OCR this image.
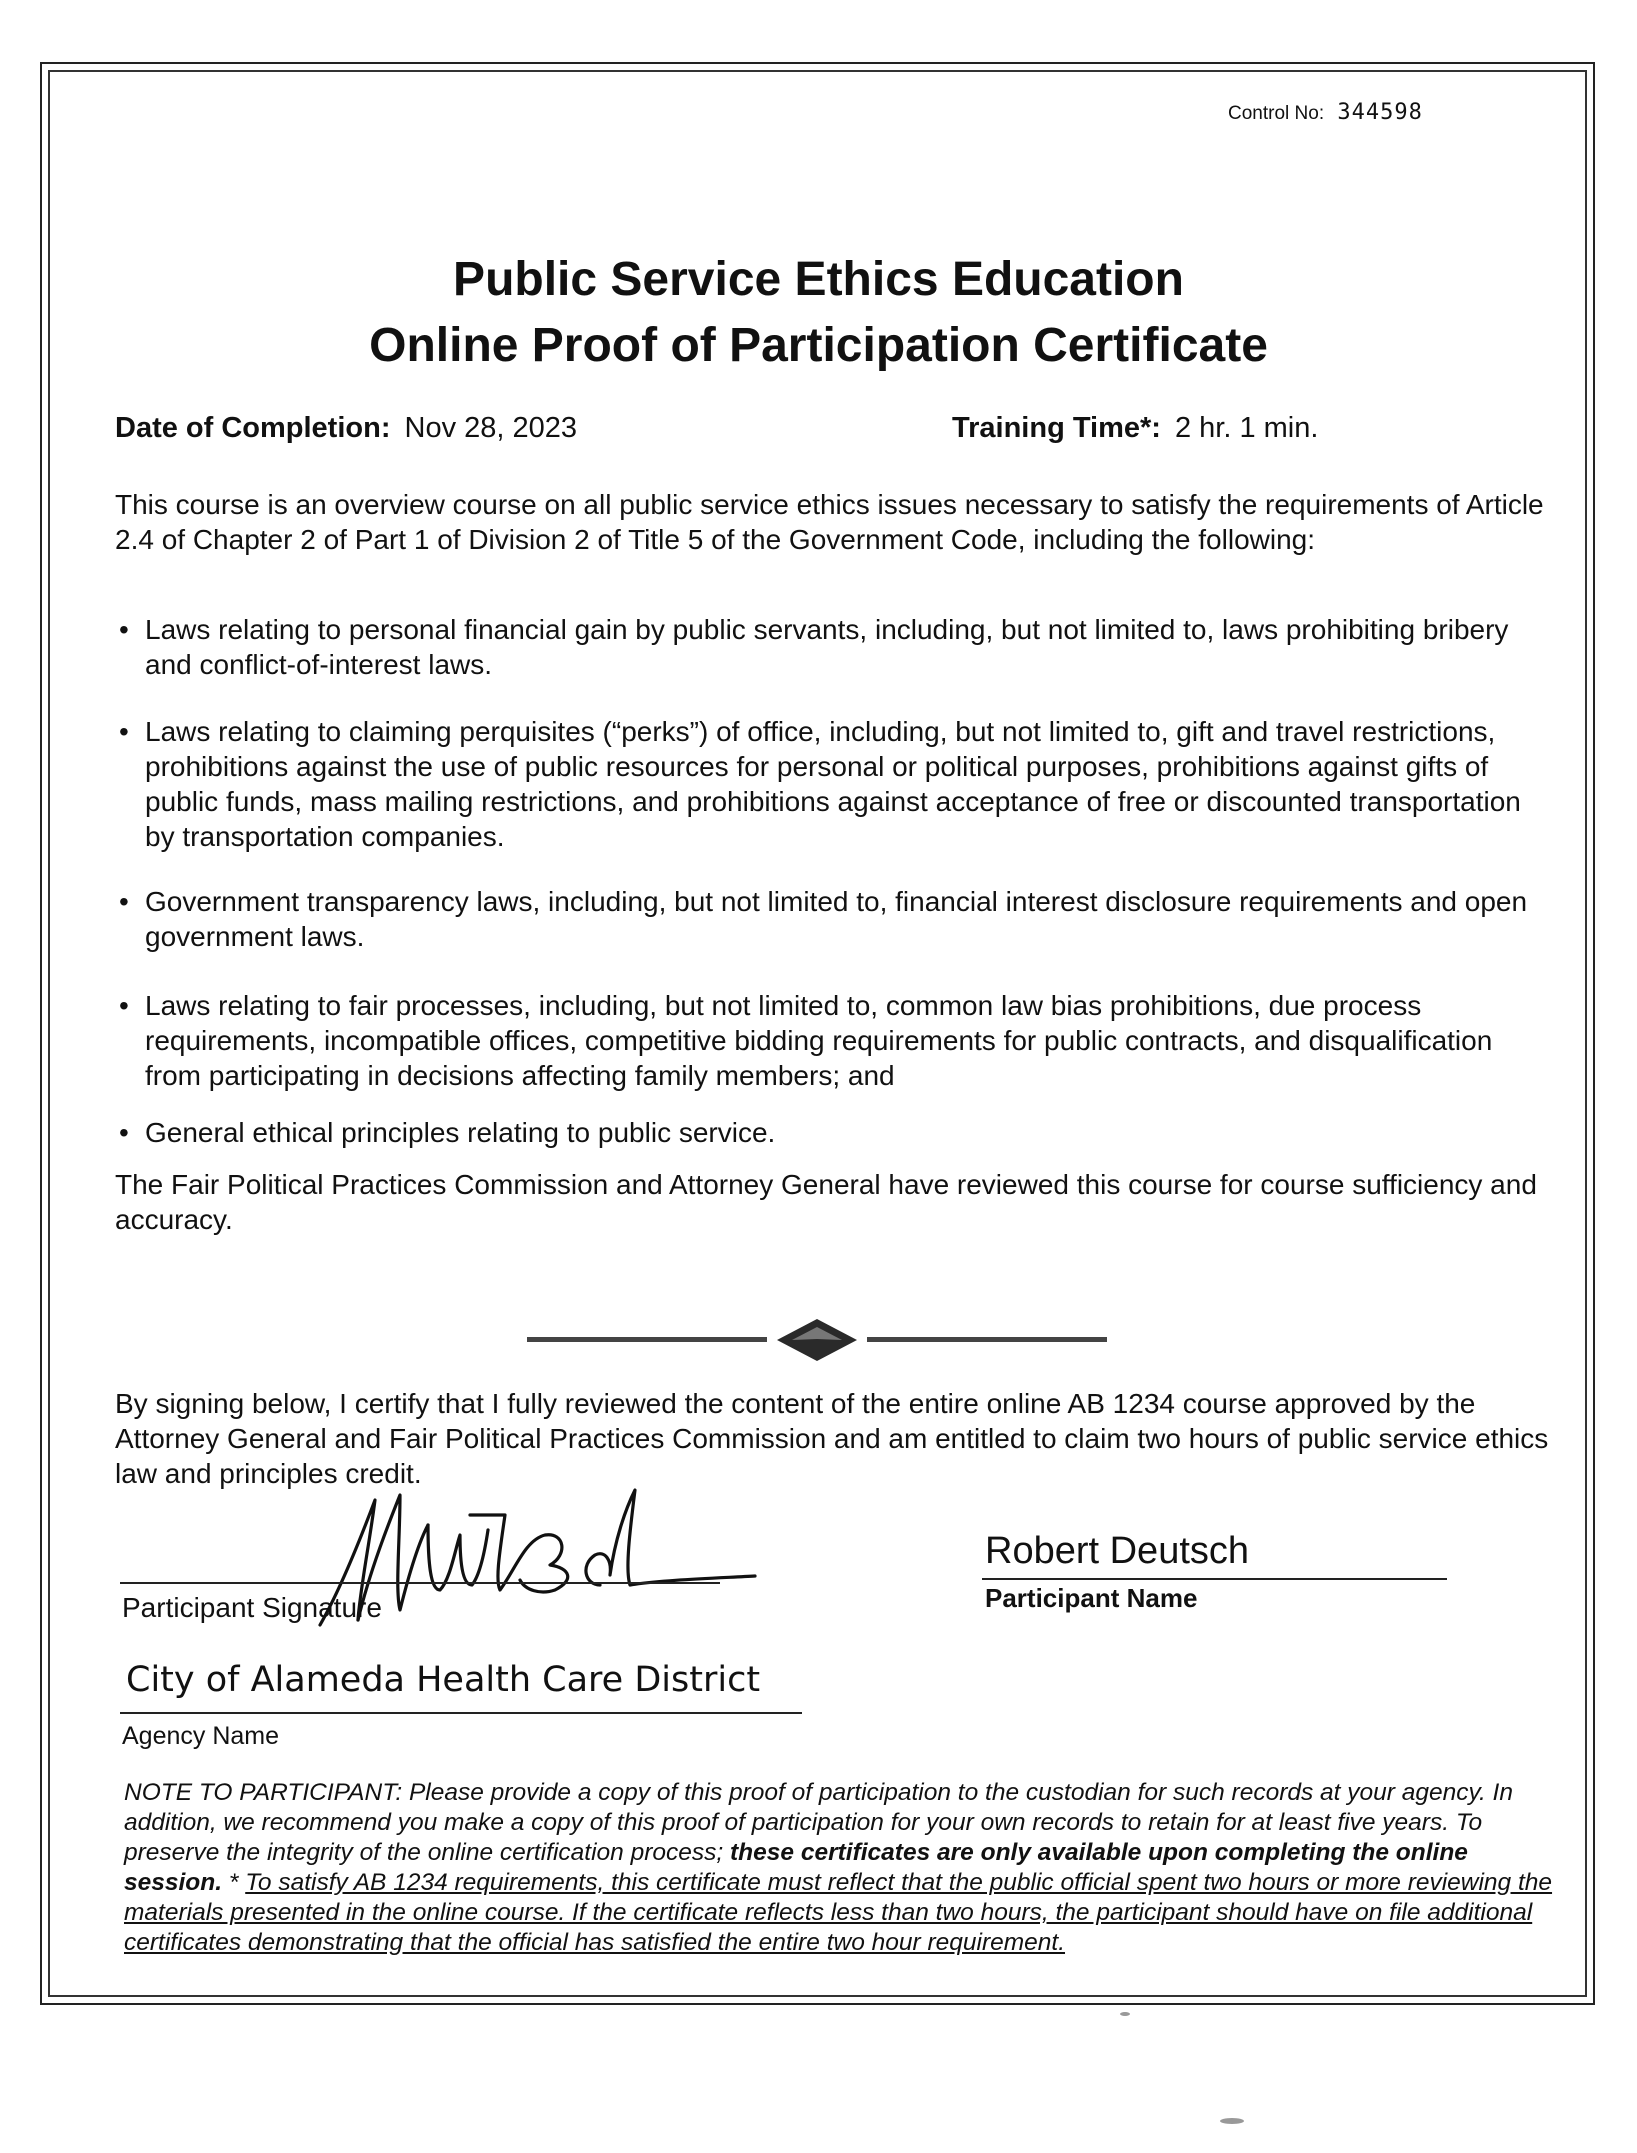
Control No: 344598
Public Service Ethics Education
Online Proof of Participation Certificate
Date of Completion: Nov 28, 2023	Training Time*: 2 hr. 1 min.
This course is an overview course on all public service ethics issues necessary to satisfy the requirements of Article 2.4 of Chapter 2 of Part 1 of Division 2 of Title 5 of the Government Code, including the following:
• Laws relating to personal financial gain by public servants, including, but not limited to, laws prohibiting bribery and conflict-of-interest laws.
• Laws relating to claiming perquisites (“perks”) of office, including, but not limited to, gift and travel restrictions, prohibitions against the use of public resources for personal or political purposes, prohibitions against gifts of public funds, mass mailing restrictions, and prohibitions against acceptance of free or discounted transportation by transportation companies.
• Government transparency laws, including, but not limited to, financial interest disclosure requirements and open government laws.
• Laws relating to fair processes, including, but not limited to, common law bias prohibitions, due process requirements, incompatible offices, competitive bidding requirements for public contracts, and disqualification from participating in decisions affecting family members; and
• General ethical principles relating to public service.
The Fair Political Practices Commission and Attorney General have reviewed this course for course sufficiency and accuracy.
By signing below, I certify that I fully reviewed the content of the entire online AB 1234 course approved by the Attorney General and Fair Political Practices Commission and am entitled to claim two hours of public service ethics law and principles credit.
Participant Signature
Robert Deutsch
Participant Name
City of Alameda Health Care District
Agency Name
NOTE TO PARTICIPANT: Please provide a copy of this proof of participation to the custodian for such records at your agency. In addition, we recommend you make a copy of this proof of participation for your own records to retain for at least five years. To preserve the integrity of the online certification process; these certificates are only available upon completing the online session. * To satisfy AB 1234 requirements, this certificate must reflect that the public official spent two hours or more reviewing the materials presented in the online course. If the certificate reflects less than two hours, the participant should have on file additional certificates demonstrating that the official has satisfied the entire two hour requirement.
